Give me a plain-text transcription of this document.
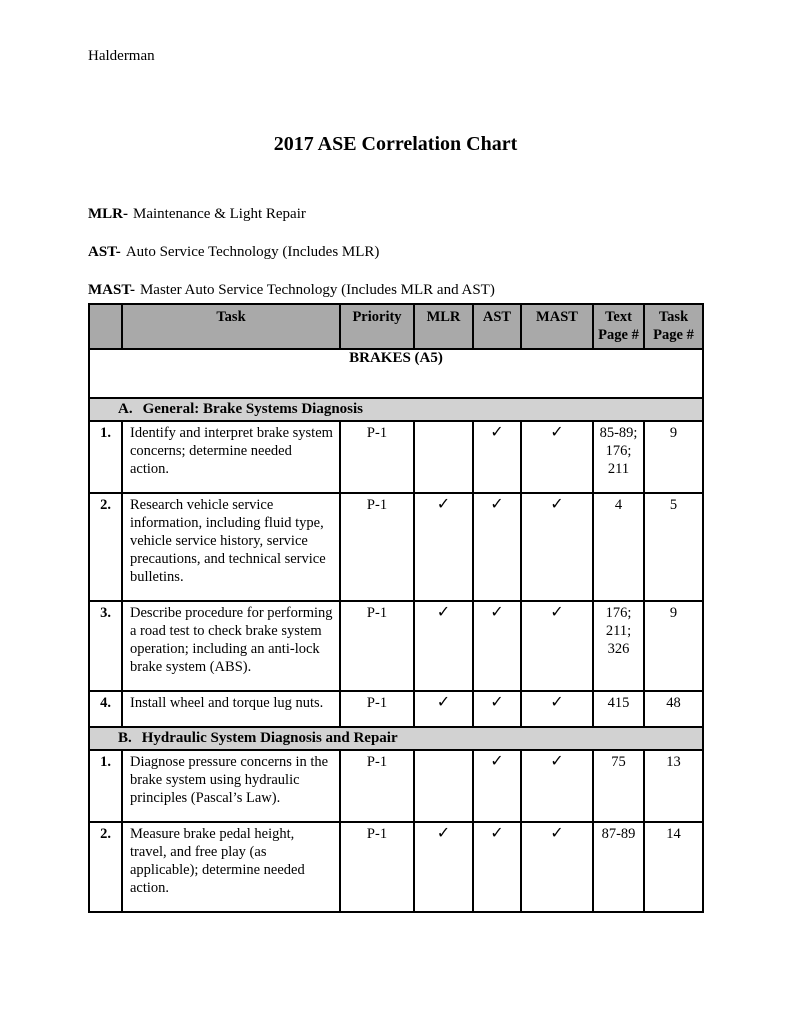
Halderman
2017 ASE Correlation Chart
MLR- Maintenance & Light Repair
AST- Auto Service Technology (Includes MLR)
MAST- Master Auto Service Technology (Includes MLR and AST)
	Task	Priority	MLR	AST	MAST	Text Page #	Task Page #
BRAKES (A5)							
A. General: Brake Systems Diagnosis							
1.	Identify and interpret brake system concerns; determine needed action.	P-1		✓	✓	85-89; 176; 211	9
2.	Research vehicle service information, including fluid type, vehicle service history, service precautions, and technical service bulletins.	P-1	✓	✓	✓	4	5
3.	Describe procedure for performing a road test to check brake system operation; including an anti-lock brake system (ABS).	P-1	✓	✓	✓	176; 211; 326	9
4.	Install wheel and torque lug nuts.	P-1	✓	✓	✓	415	48
B. Hydraulic System Diagnosis and Repair							
1.	Diagnose pressure concerns in the brake system using hydraulic principles (Pascal’s Law).	P-1		✓	✓	75	13
2.	Measure brake pedal height, travel, and free play (as applicable); determine needed action.	P-1	✓	✓	✓	87-89	14
